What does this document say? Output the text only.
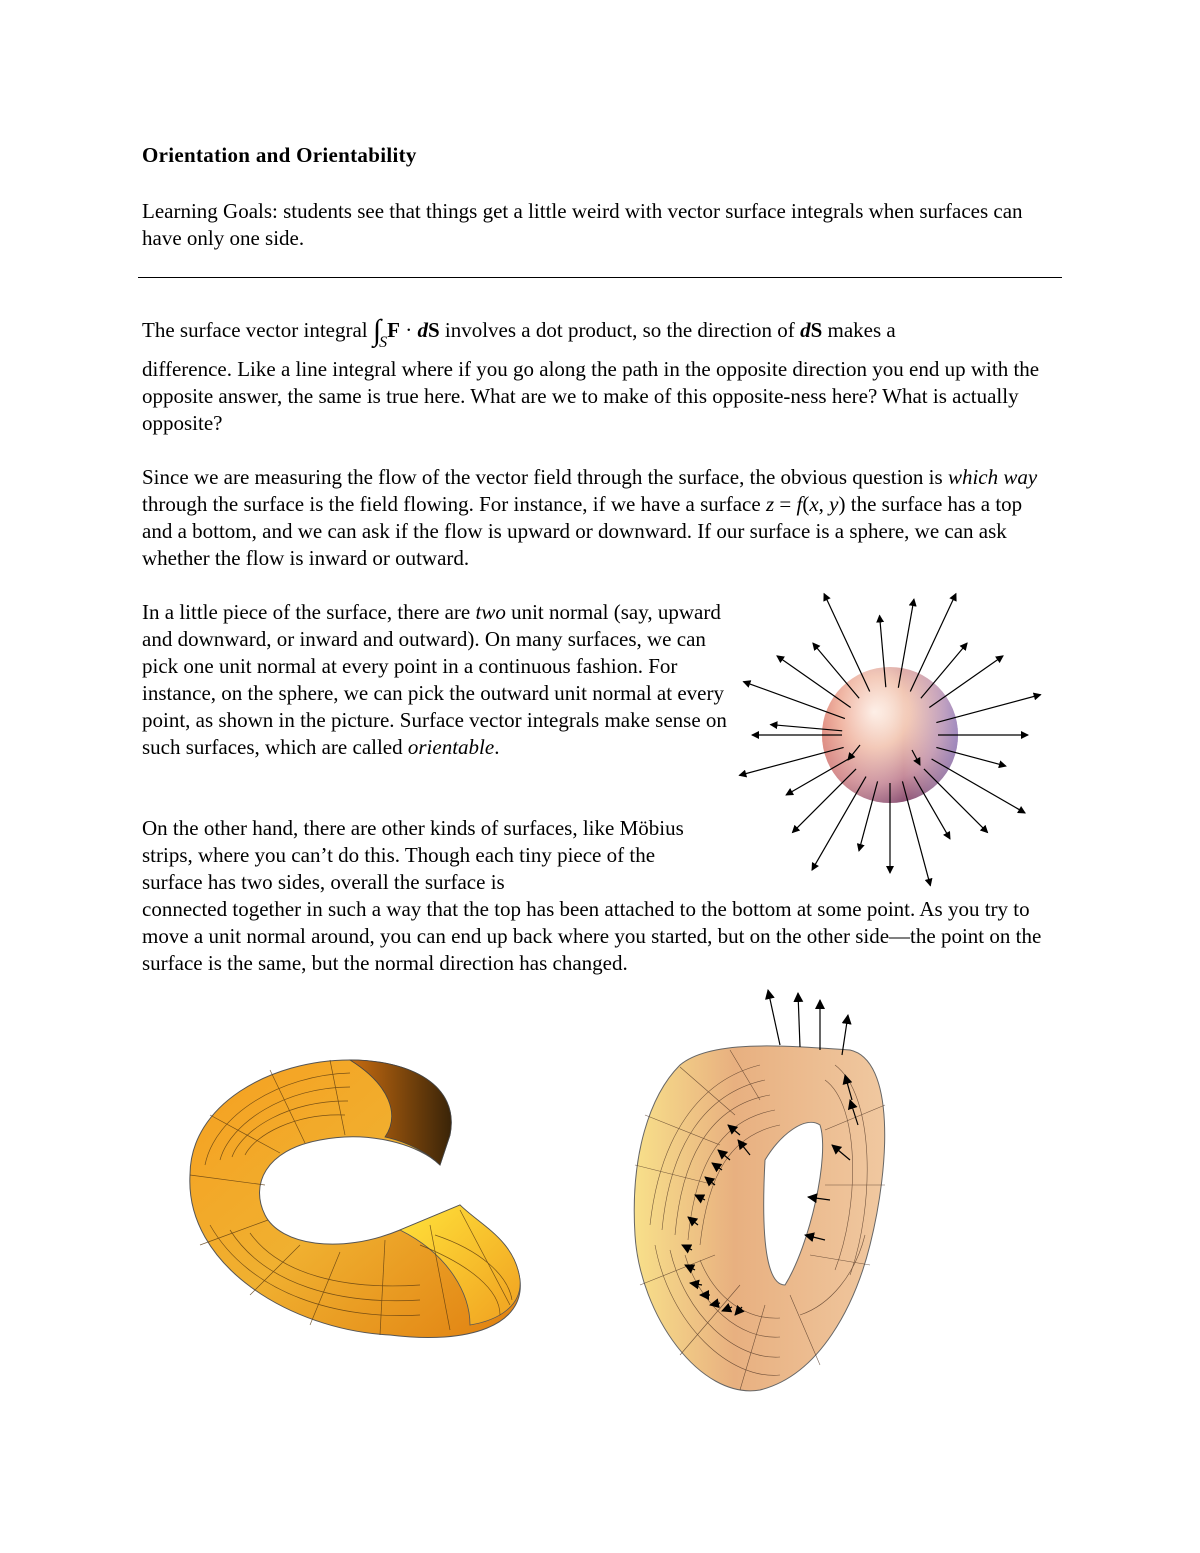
Orientation and Orientability
Learning Goals: students see that things get a little weird with vector surface integrals when surfaces can have only one side.
The surface vector integral $\int_SF$ · dS involves a dot product, so the direction of dS makes a
difference. Like a line integral where if you go along the path in the opposite direction you end up with the opposite answer, the same is true here. What are we to make of this opposite-ness here? What is actually opposite?
Since we are measuring the flow of the vector field through the surface, the obvious question is which way through the surface is the field flowing. For instance, if we have a surface z = f(x, y) the surface has a top and a bottom, and we can ask if the flow is upward or downward. If our surface is a sphere, we can ask whether the flow is inward or outward.
In a little piece of the surface, there are two unit normal (say, upward and downward, or inward and outward). On many surfaces, we can pick one unit normal at every point in a continuous fashion. For instance, on the sphere, we can pick the outward unit normal at every point, as shown in the picture. Surface vector integrals make sense on such surfaces, which are called orientable.
On the other hand, there are other kinds of surfaces, like Möbius strips, where you can’t do this. Though each tiny piece of the surface has two sides, overall the surface is
connected together in such a way that the top has been attached to the bottom at some point. As you try to move a unit normal around, you can end up back where you started, but on the other side—the point on the surface is the same, but the normal direction has changed.
